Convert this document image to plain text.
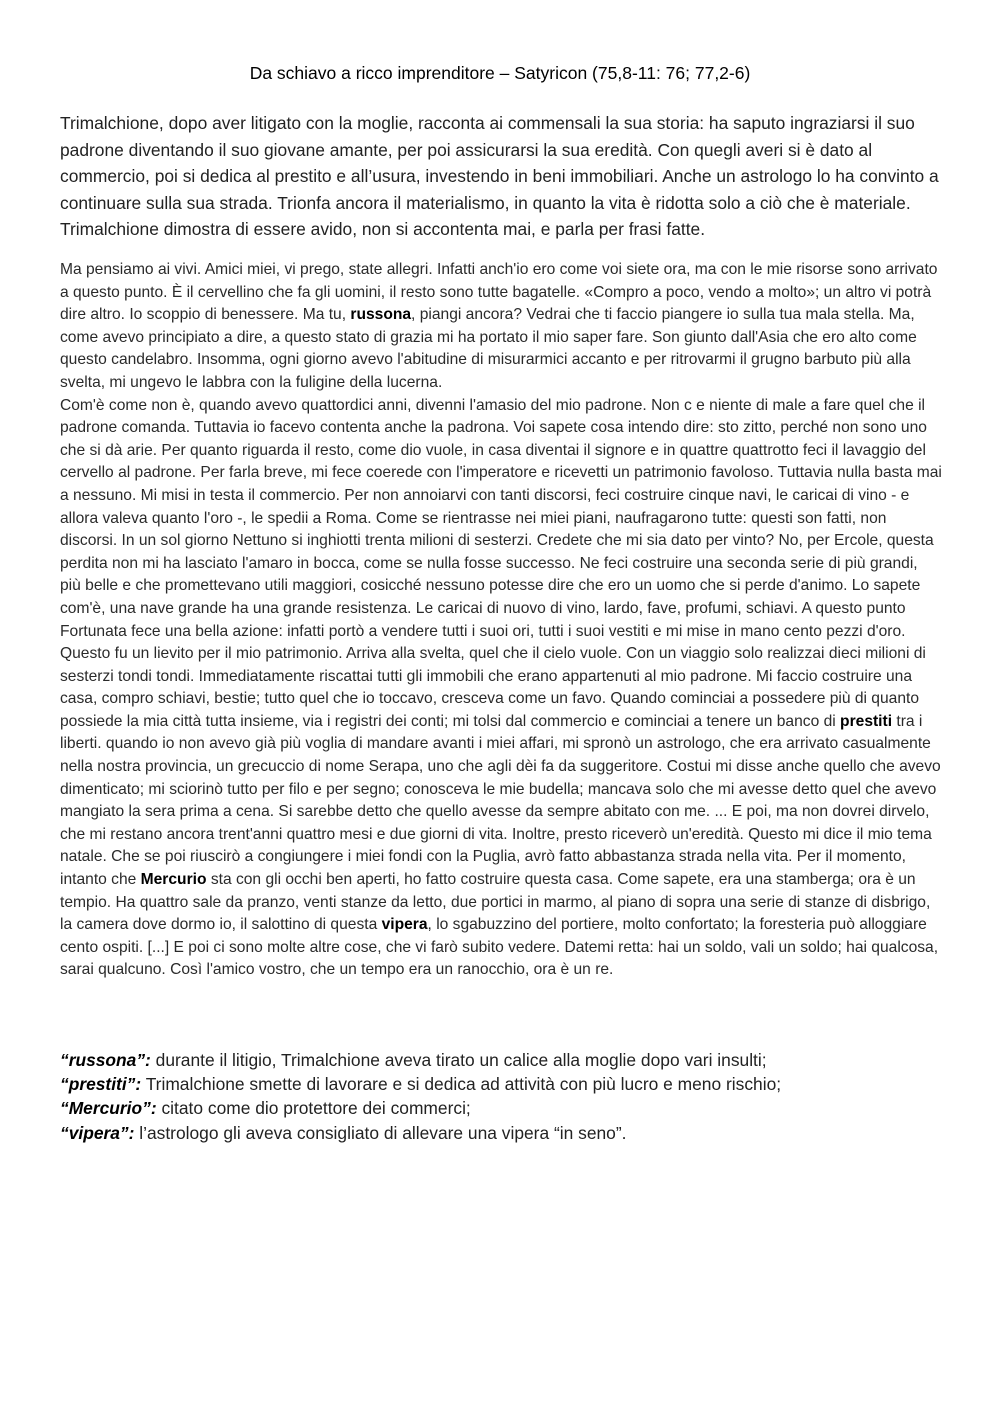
Da schiavo a ricco imprenditore – Satyricon (75,8-11: 76; 77,2-6)

Trimalchione, dopo aver litigato con la moglie, racconta ai commensali la sua storia: ha saputo ingraziarsi il suo padrone diventando il suo giovane amante, per poi assicurarsi la sua eredità. Con quegli averi si è dato al commercio, poi si dedica al prestito e all’usura, investendo in beni immobiliari. Anche un astrologo lo ha convinto a continuare sulla sua strada. Trionfa ancora il materialismo, in quanto la vita è ridotta solo a ciò che è materiale. Trimalchione dimostra di essere avido, non si accontenta mai, e parla per frasi fatte.

Ma pensiamo ai vivi. Amici miei, vi prego, state allegri. Infatti anch'io ero come voi siete ora, ma con le mie risorse sono arrivato a questo punto. È il cervellino che fa gli uomini, il resto sono tutte bagatelle. «Compro a poco, vendo a molto»; un altro vi potrà dire altro. Io scoppio di benessere. Ma tu, russona, piangi ancora? Vedrai che ti faccio piangere io sulla tua mala stella. Ma, come avevo principiato a dire, a questo stato di grazia mi ha portato il mio saper fare. Son giunto dall'Asia che ero alto come questo candelabro. Insomma, ogni giorno avevo l'abitudine di misurarmici accanto e per ritrovarmi il grugno barbuto più alla svelta, mi ungevo le labbra con la fuligine della lucerna.

Com'è come non è, quando avevo quattordici anni, divenni l'amasio del mio padrone. Non c e niente di male a fare quel che il padrone comanda. Tuttavia io facevo contenta anche la padrona. Voi sapete cosa intendo dire: sto zitto, perché non sono uno che si dà arie. Per quanto riguarda il resto, come dio vuole, in casa diventai il signore e in quattre quattrotto feci il lavaggio del cervello al padrone. Per farla breve, mi fece coerede con l'imperatore e ricevetti un patrimonio favoloso. Tuttavia nulla basta mai a nessuno. Mi misi in testa il commercio. Per non annoiarvi con tanti discorsi, feci costruire cinque navi, le caricai di vino - e allora valeva quanto l'oro -, le spedii a Roma. Come se rientrasse nei miei piani, naufragarono tutte: questi son fatti, non discorsi. In un sol giorno Nettuno si inghiotti trenta milioni di sesterzi. Credete che mi sia dato per vinto? No, per Ercole, questa perdita non mi ha lasciato l'amaro in bocca, come se nulla fosse successo. Ne feci costruire una seconda serie di più grandi, più belle e che promettevano utili maggiori, cosicché nessuno potesse dire che ero un uomo che si perde d'animo. Lo sapete com'è, una nave grande ha una grande resistenza. Le caricai di nuovo di vino, lardo, fave, profumi, schiavi. A questo punto Fortunata fece una bella azione: infatti portò a vendere tutti i suoi ori, tutti i suoi vestiti e mi mise in mano cento pezzi d'oro. Questo fu un lievito per il mio patrimonio. Arriva alla svelta, quel che il cielo vuole. Con un viaggio solo realizzai dieci milioni di sesterzi tondi tondi. Immediatamente riscattai tutti gli immobili che erano appartenuti al mio padrone. Mi faccio costruire una casa, compro schiavi, bestie; tutto quel che io toccavo, cresceva come un favo. Quando cominciai a possedere più di quanto possiede la mia città tutta insieme, via i registri dei conti; mi tolsi dal commercio e cominciai a tenere un banco di prestiti tra i liberti. quando io non avevo già più voglia di mandare avanti i miei affari, mi spronò un astrologo, che era arrivato casualmente nella nostra provincia, un grecuccio di nome Serapa, uno che agli dèi fa da suggeritore. Costui mi disse anche quello che avevo dimenticato; mi sciorinò tutto per filo e per segno; conosceva le mie budella; mancava solo che mi avesse detto quel che avevo mangiato la sera prima a cena. Si sarebbe detto che quello avesse da sempre abitato con me. ... E poi, ma non dovrei dirvelo, che mi restano ancora trent'anni quattro mesi e due giorni di vita. Inoltre, presto riceverò un'eredità. Questo mi dice il mio tema natale. Che se poi riuscirò a congiungere i miei fondi con la Puglia, avrò fatto abbastanza strada nella vita. Per il momento, intanto che Mercurio sta con gli occhi ben aperti, ho fatto costruire questa casa. Come sapete, era una stamberga; ora è un tempio. Ha quattro sale da pranzo, venti stanze da letto, due portici in marmo, al piano di sopra una serie di stanze di disbrigo, la camera dove dormo io, il salottino di questa vipera, lo sgabuzzino del portiere, molto confortato; la foresteria può alloggiare cento ospiti. [...] E poi ci sono molte altre cose, che vi farò subito vedere. Datemi retta: hai un soldo, vali un soldo; hai qualcosa, sarai qualcuno. Così l'amico vostro, che un tempo era un ranocchio, ora è un re.

“russona”: durante il litigio, Trimalchione aveva tirato un calice alla moglie dopo vari insulti;

“prestiti”: Trimalchione smette di lavorare e si dedica ad attività con più lucro e meno rischio;

“Mercurio”: citato come dio protettore dei commerci;

“vipera”: l’astrologo gli aveva consigliato di allevare una vipera “in seno”.
